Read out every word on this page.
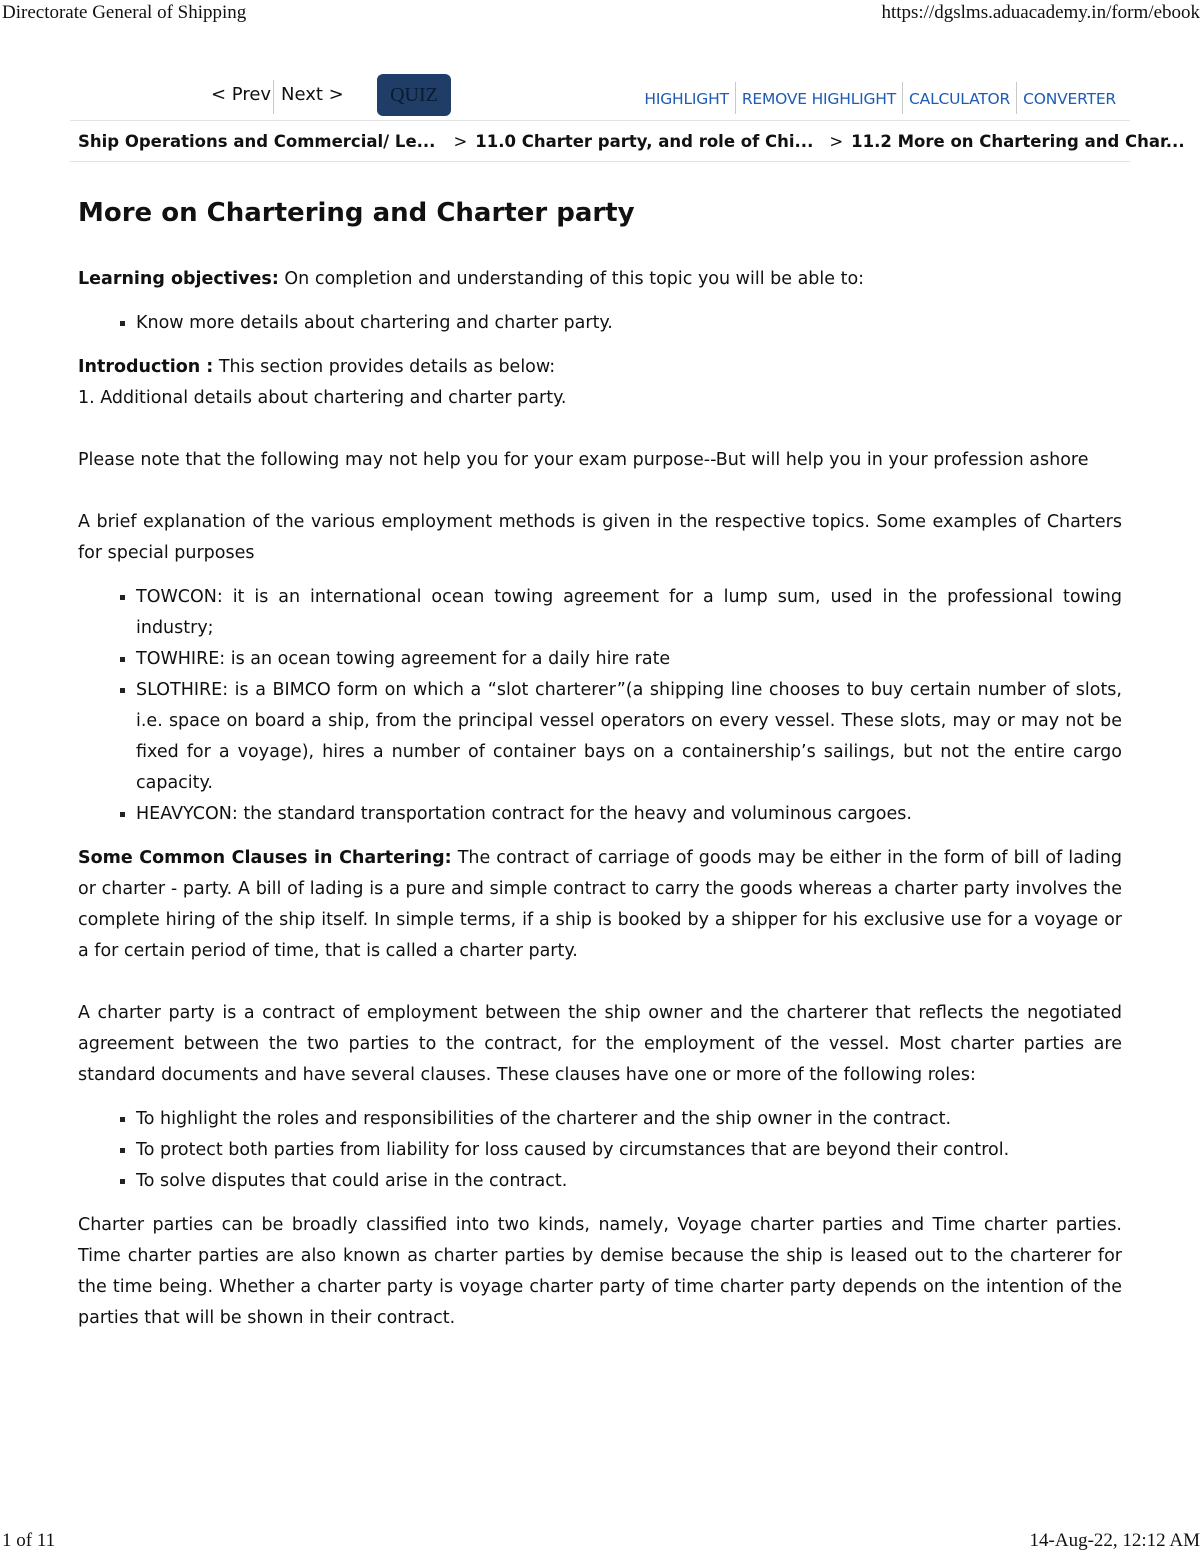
Directorate General of Shipping	https://dgslms.aduacademy.in/form/ebook
< Prev Next >	QUIZ	HIGHLIGHT REMOVE HIGHLIGHT CALCULATOR CONVERTER
Ship Operations and Commercial/ Le...	> 11.0 Charter party, and role of Chi... > 11.2 More on Chartering and Char...
More on Chartering and Charter party

Learning objectives: On completion and understanding of this topic you will be able to:

Know more details about chartering and charter party.

Introduction : This section provides details as below:

1. Additional details about chartering and charter party.

Please note that the following may not help you for your exam purpose--But will help you in your profession ashore

A brief explanation of the various employment methods is given in the respective topics. Some examples of Charters for special purposes

TOWCON: it is an international ocean towing agreement for a lump sum, used in the professional towing industry;
TOWHIRE: is an ocean towing agreement for a daily hire rate
SLOTHIRE: is a BIMCO form on which a “slot charterer”(a shipping line chooses to buy certain number of slots, i.e. space on board a ship, from the principal vessel operators on every vessel. These slots, may or may not be fixed for a voyage), hires a number of container bays on a containership’s sailings, but not the entire cargo capacity.
HEAVYCON: the standard transportation contract for the heavy and voluminous cargoes.

Some Common Clauses in Chartering: The contract of carriage of goods may be either in the form of bill of lading or charter - party. A bill of lading is a pure and simple contract to carry the goods whereas a charter party involves the complete hiring of the ship itself. In simple terms, if a ship is booked by a shipper for his exclusive use for a voyage or a for certain period of time, that is called a charter party.

A charter party is a contract of employment between the ship owner and the charterer that reflects the negotiated agreement between the two parties to the contract, for the employment of the vessel. Most charter parties are standard documents and have several clauses. These clauses have one or more of the following roles:

To highlight the roles and responsibilities of the charterer and the ship owner in the contract.
To protect both parties from liability for loss caused by circumstances that are beyond their control.
To solve disputes that could arise in the contract.

Charter parties can be broadly classified into two kinds, namely, Voyage charter parties and Time charter parties. Time charter parties are also known as charter parties by demise because the ship is leased out to the charterer for the time being. Whether a charter party is voyage charter party of time charter party depends on the intention of the parties that will be shown in their contract.

1 of 11	14-Aug-22, 12:12 AM
